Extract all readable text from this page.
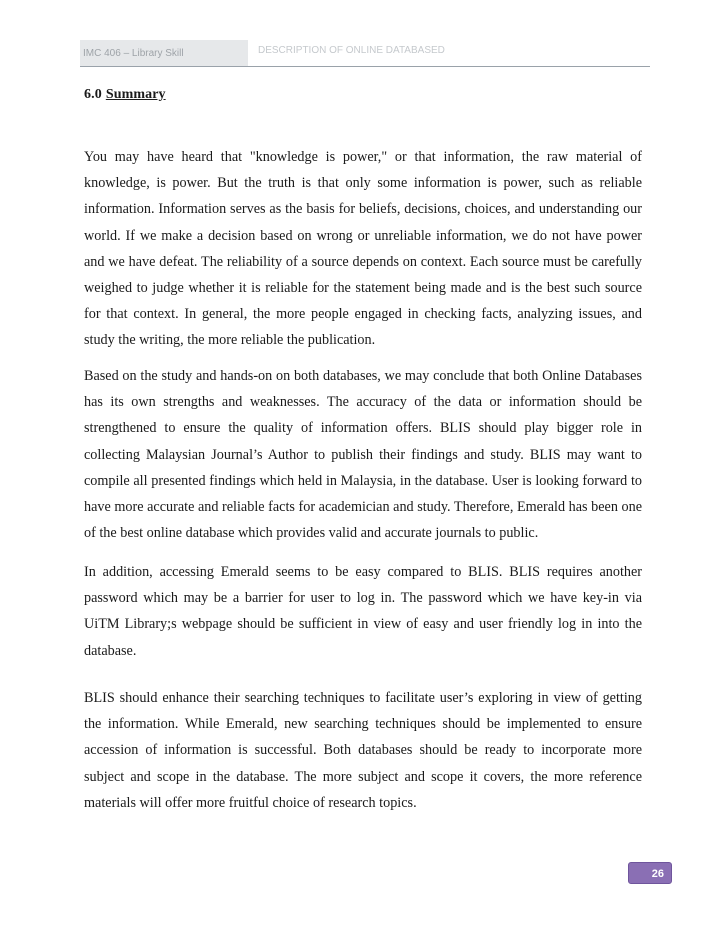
IMC 406 – Library Skill	DESCRIPTION OF ONLINE DATABASED
6.0 Summary
You may have heard that "knowledge is power," or that information, the raw material of knowledge, is power. But the truth is that only some information is power, such as reliable information. Information serves as the basis for beliefs, decisions, choices, and understanding our world. If we make a decision based on wrong or unreliable information, we do not have power and we have defeat. The reliability of a source depends on context. Each source must be carefully weighed to judge whether it is reliable for the statement being made and is the best such source for that context. In general, the more people engaged in checking facts, analyzing issues, and study the writing, the more reliable the publication.
Based on the study and hands-on on both databases, we may conclude that both Online Databases has its own strengths and weaknesses. The accuracy of the data or information should be strengthened to ensure the quality of information offers. BLIS should play bigger role in collecting Malaysian Journal’s Author to publish their findings and study. BLIS may want to compile all presented findings which held in Malaysia, in the database. User is looking forward to have more accurate and reliable facts for academician and study. Therefore, Emerald has been one of the best online database which provides valid and accurate journals to public.
In addition, accessing Emerald seems to be easy compared to BLIS. BLIS requires another password which may be a barrier for user to log in. The password which we have key-in via UiTM Library;s webpage should be sufficient in view of easy and user friendly log in into the database.
BLIS should enhance their searching techniques to facilitate user’s exploring in view of getting the information. While Emerald, new searching techniques should be implemented to ensure accession of information is successful. Both databases should be ready to incorporate more subject and scope in the database. The more subject and scope it covers, the more reference materials will offer more fruitful choice of research topics.
26
